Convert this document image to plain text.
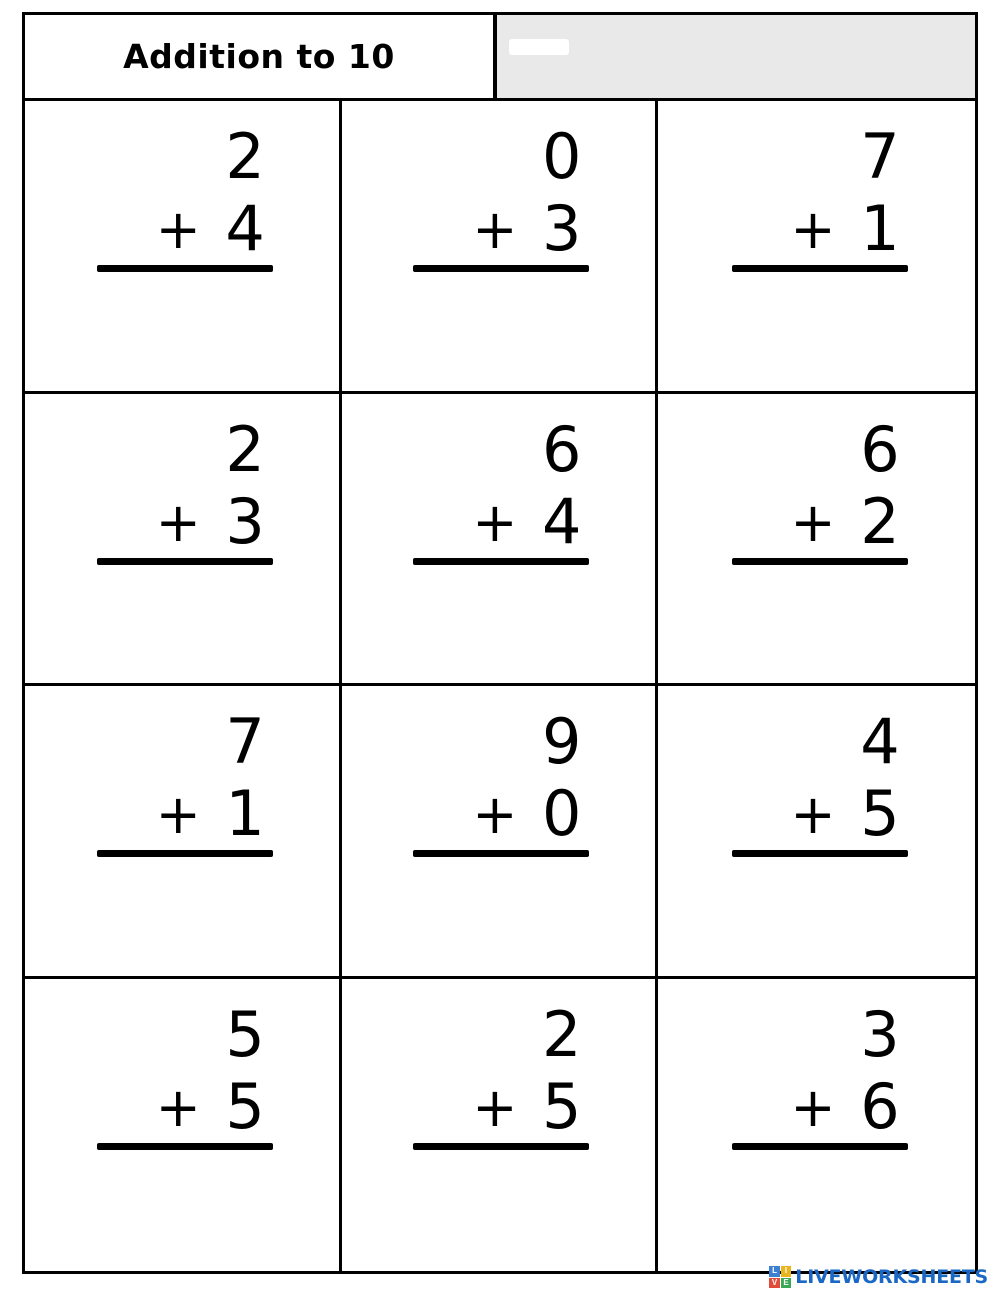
Addition to 10
2
+ 4
0
+ 3
7
+ 1
2
+ 3
6
+ 4
6
+ 2
7
+ 1
9
+ 0
4
+ 5
5
+ 5
2
+ 5
3
+ 6
L I
V E LIVEWORKSHEETS
